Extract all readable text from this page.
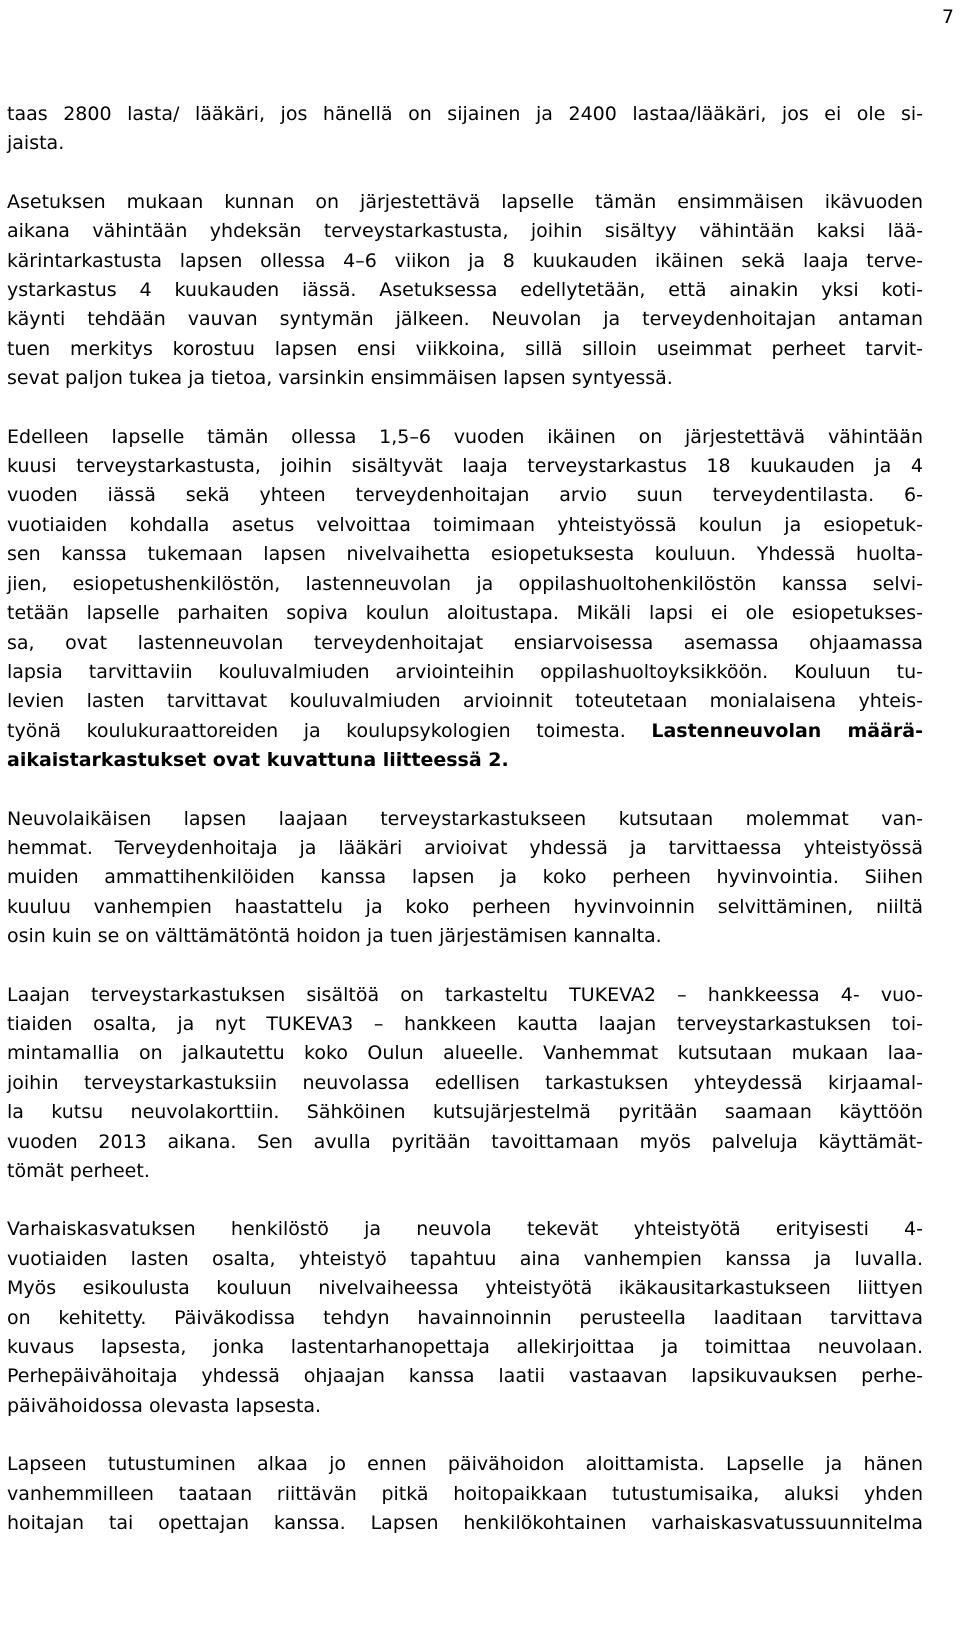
7
taas 2800 lasta/ lääkäri, jos hänellä on sijainen ja 2400 lastaa/lääkäri, jos ei ole si-
jaista.
Asetuksen mukaan kunnan on järjestettävä lapselle tämän ensimmäisen ikävuoden
aikana vähintään yhdeksän terveystarkastusta, joihin sisältyy vähintään kaksi lää-
kärintarkastusta lapsen ollessa 4–6 viikon ja 8 kuukauden ikäinen sekä laaja terve-
ystarkastus 4 kuukauden iässä. Asetuksessa edellytetään, että ainakin yksi koti-
käynti tehdään vauvan syntymän jälkeen. Neuvolan ja terveydenhoitajan antaman
tuen merkitys korostuu lapsen ensi viikkoina, sillä silloin useimmat perheet tarvit-
sevat paljon tukea ja tietoa, varsinkin ensimmäisen lapsen syntyessä.
Edelleen lapselle tämän ollessa 1,5–6 vuoden ikäinen on järjestettävä vähintään
kuusi terveystarkastusta, joihin sisältyvät laaja terveystarkastus 18 kuukauden ja 4
vuoden iässä sekä yhteen terveydenhoitajan arvio suun terveydentilasta. 6-
vuotiaiden kohdalla asetus velvoittaa toimimaan yhteistyössä koulun ja esiopetuk-
sen kanssa tukemaan lapsen nivelvaihetta esiopetuksesta kouluun. Yhdessä huolta-
jien, esiopetushenkilöstön, lastenneuvolan ja oppilashuoltohenkilöstön kanssa selvi-
tetään lapselle parhaiten sopiva koulun aloitustapa. Mikäli lapsi ei ole esiopetukses-
sa, ovat lastenneuvolan terveydenhoitajat ensiarvoisessa asemassa ohjaamassa
lapsia tarvittaviin kouluvalmiuden arviointeihin oppilashuoltoyksikköön. Kouluun tu-
levien lasten tarvittavat kouluvalmiuden arvioinnit toteutetaan monialaisena yhteis-
työnä koulukuraattoreiden ja koulupsykologien toimesta. Lastenneuvolan määrä-
aikaistarkastukset ovat kuvattuna liitteessä 2.
Neuvolaikäisen lapsen laajaan terveystarkastukseen kutsutaan molemmat van-
hemmat. Terveydenhoitaja ja lääkäri arvioivat yhdessä ja tarvittaessa yhteistyössä
muiden ammattihenkilöiden kanssa lapsen ja koko perheen hyvinvointia. Siihen
kuuluu vanhempien haastattelu ja koko perheen hyvinvoinnin selvittäminen, niiltä
osin kuin se on välttämätöntä hoidon ja tuen järjestämisen kannalta.
Laajan terveystarkastuksen sisältöä on tarkasteltu TUKEVA2 – hankkeessa 4- vuo-
tiaiden osalta, ja nyt TUKEVA3 – hankkeen kautta laajan terveystarkastuksen toi-
mintamallia on jalkautettu koko Oulun alueelle. Vanhemmat kutsutaan mukaan laa-
joihin terveystarkastuksiin neuvolassa edellisen tarkastuksen yhteydessä kirjaamal-
la kutsu neuvolakorttiin. Sähköinen kutsujärjestelmä pyritään saamaan käyttöön
vuoden 2013 aikana. Sen avulla pyritään tavoittamaan myös palveluja käyttämät-
tömät perheet.
Varhaiskasvatuksen henkilöstö ja neuvola tekevät yhteistyötä erityisesti 4-
vuotiaiden lasten osalta, yhteistyö tapahtuu aina vanhempien kanssa ja luvalla.
Myös esikoulusta kouluun nivelvaiheessa yhteistyötä ikäkausitarkastukseen liittyen
on kehitetty. Päiväkodissa tehdyn havainnoinnin perusteella laaditaan tarvittava
kuvaus lapsesta, jonka lastentarhanopettaja allekirjoittaa ja toimittaa neuvolaan.
Perhepäivähoitaja yhdessä ohjaajan kanssa laatii vastaavan lapsikuvauksen perhe-
päivähoidossa olevasta lapsesta.
Lapseen tutustuminen alkaa jo ennen päivähoidon aloittamista. Lapselle ja hänen
vanhemmilleen taataan riittävän pitkä hoitopaikkaan tutustumisaika, aluksi yhden
hoitajan tai opettajan kanssa. Lapsen henkilökohtainen varhaiskasvatussuunnitelma
